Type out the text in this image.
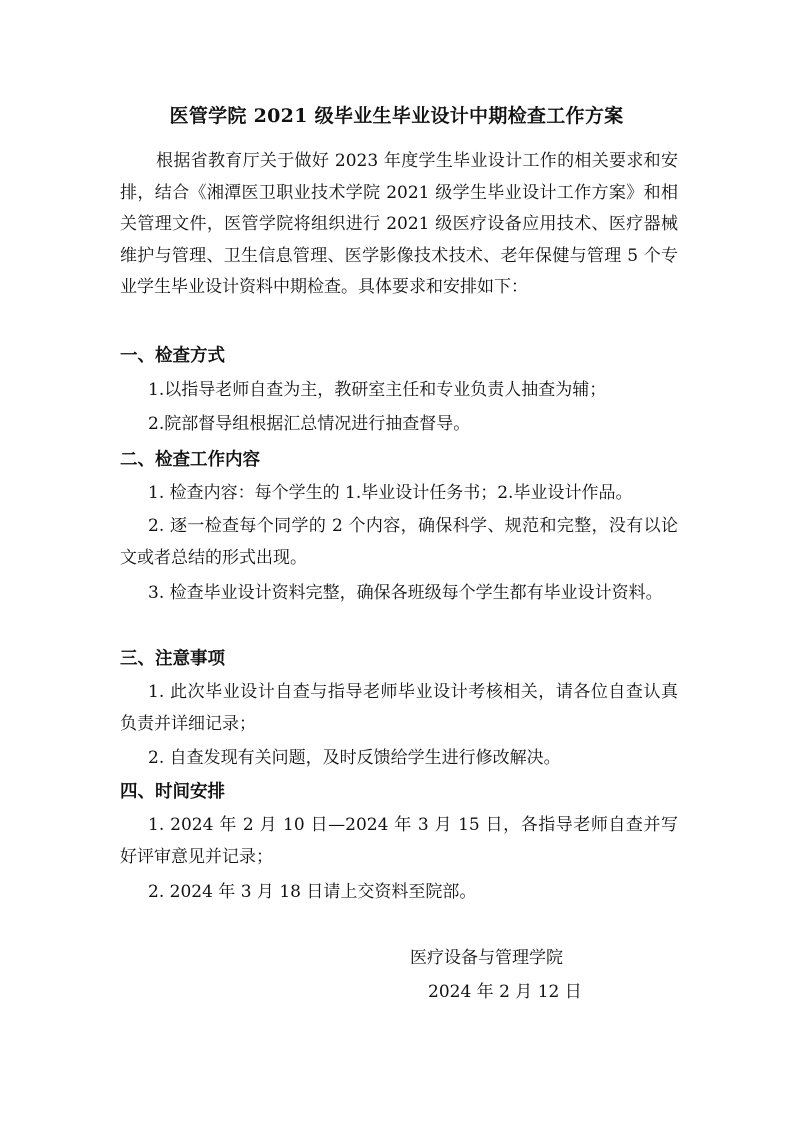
医管学院 2021 级毕业生毕业设计中期检查工作方案
根据省教育厅关于做好 2023 年度学生毕业设计工作的相关要求和安排，结合《湘潭医卫职业技术学院 2021 级学生毕业设计工作方案》和相关管理文件，医管学院将组织进行 2021 级医疗设备应用技术、医疗器械维护与管理、卫生信息管理、医学影像技术技术、老年保健与管理 5 个专业学生毕业设计资料中期检查。具体要求和安排如下：
一、检查方式
1.以指导老师自查为主，教研室主任和专业负责人抽查为辅；
2.院部督导组根据汇总情况进行抽查督导。
二、检查工作内容
1. 检查内容：每个学生的 1.毕业设计任务书；2.毕业设计作品。
2. 逐一检查每个同学的 2 个内容，确保科学、规范和完整，没有以论文或者总结的形式出现。
3. 检查毕业设计资料完整，确保各班级每个学生都有毕业设计资料。
三、注意事项
1. 此次毕业设计自查与指导老师毕业设计考核相关，请各位自查认真负责并详细记录；
2. 自查发现有关问题，及时反馈给学生进行修改解决。
四、时间安排
1. 2024 年 2 月 10 日—2024 年 3 月 15 日，各指导老师自查并写好评审意见并记录；
2. 2024 年 3 月 18 日请上交资料至院部。
医疗设备与管理学院
2024 年 2 月 12 日
